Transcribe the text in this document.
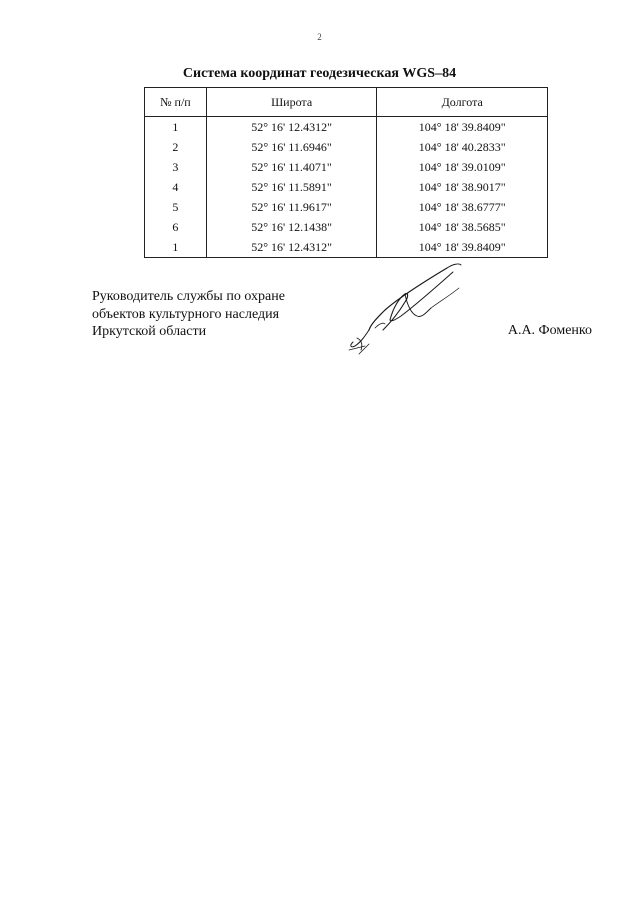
2
Система координат геодезическая WGS–84
№ п/п	Широта	Долгота
1	52° 16' 12.4312"	104° 18' 39.8409"
2	52° 16' 11.6946"	104° 18' 40.2833"
3	52° 16' 11.4071"	104° 18' 39.0109"
4	52° 16' 11.5891"	104° 18' 38.9017"
5	52° 16' 11.9617"	104° 18' 38.6777"
6	52° 16' 12.1438"	104° 18' 38.5685"
1	52° 16' 12.4312"	104° 18' 39.8409"
Руководитель службы по охране
объектов культурного наследия
Иркутской области	А.А. Фоменко
